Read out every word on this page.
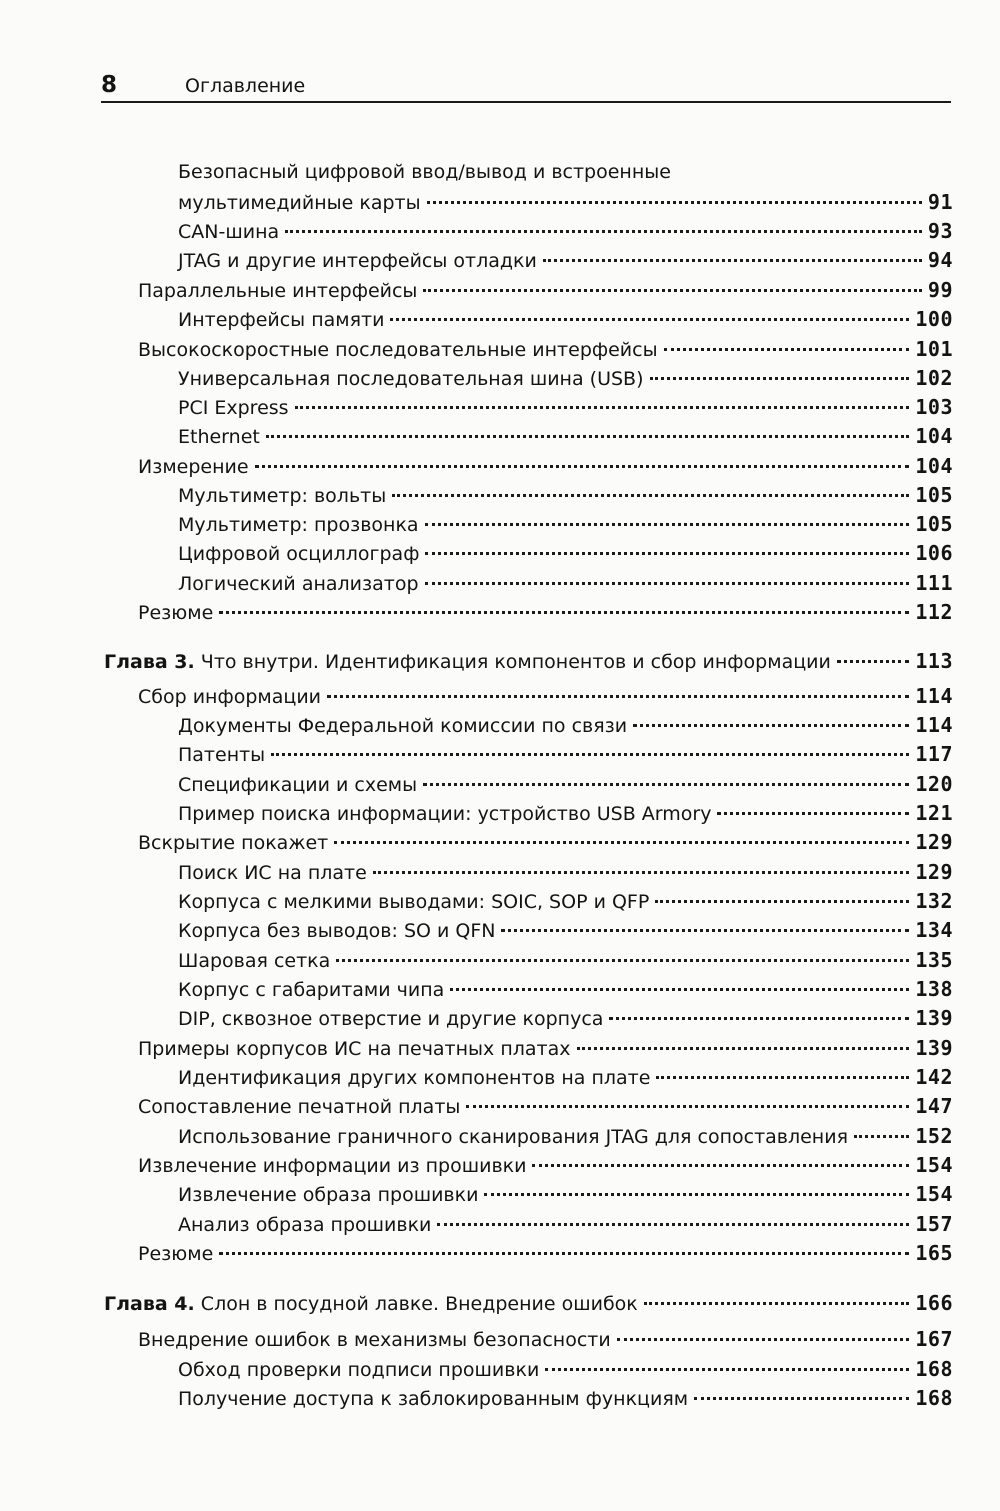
8	Оглавление
Безопасный цифровой ввод/вывод и встроенные
мультимедийные карты	91
CAN-шина	93
JTAG и другие интерфейсы отладки	94
Параллельные интерфейсы	99
Интерфейсы памяти	100
Высокоскоростные последовательные интерфейсы	101
Универсальная последовательная шина (USB)	102
PCI Express	103
Ethernet	104
Измерение	104
Мультиметр: вольты	105
Мультиметр: прозвонка	105
Цифровой осциллограф	106
Логический анализатор	111
Резюме	112
Глава 3. Что внутри. Идентификация компонентов и сбор информации	113
Сбор информации	114
Документы Федеральной комиссии по связи	114
Патенты	117
Спецификации и схемы	120
Пример поиска информации: устройство USB Armory	121
Вскрытие покажет	129
Поиск ИС на плате	129
Корпуса с мелкими выводами: SOIC, SOP и QFP	132
Корпуса без выводов: SO и QFN	134
Шаровая сетка	135
Корпус с габаритами чипа	138
DIP, сквозное отверстие и другие корпуса	139
Примеры корпусов ИС на печатных платах	139
Идентификация других компонентов на плате	142
Сопоставление печатной платы	147
Использование граничного сканирования JTAG для сопоставления	152
Извлечение информации из прошивки	154
Извлечение образа прошивки	154
Анализ образа прошивки	157
Резюме	165
Глава 4. Слон в посудной лавке. Внедрение ошибок	166
Внедрение ошибок в механизмы безопасности	167
Обход проверки подписи прошивки	168
Получение доступа к заблокированным функциям	168
